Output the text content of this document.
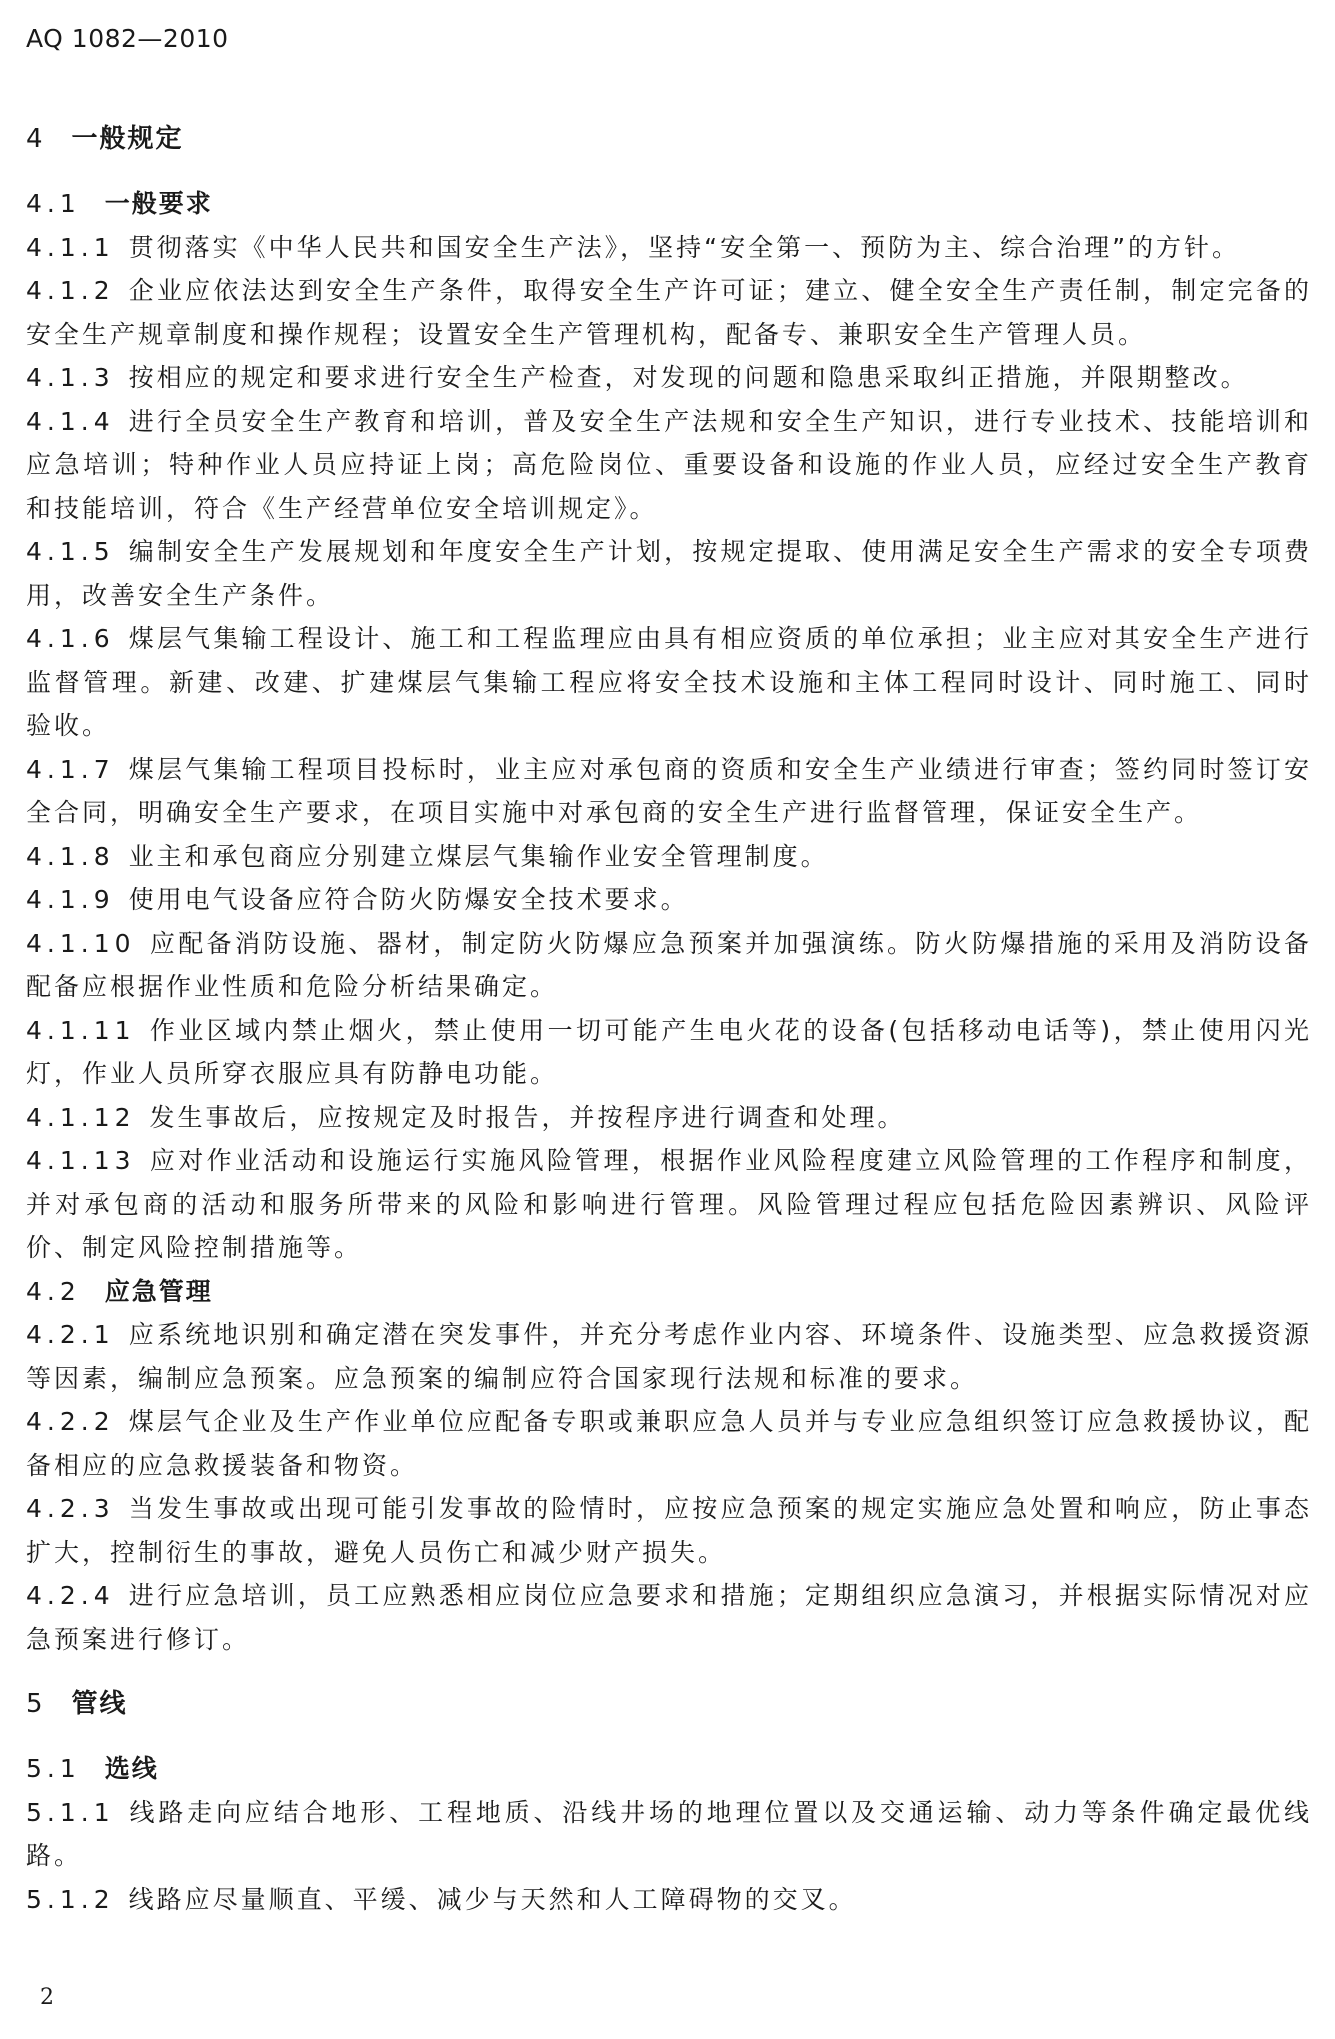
AQ 1082—2010
4 一般规定
4.1 一般要求

4.1.1 贯彻落实《中华人民共和国安全生产法》，坚持“安全第一、预防为主、综合治理”的方针。

4.1.2 企业应依法达到安全生产条件，取得安全生产许可证；建立、健全安全生产责任制，制定完备的安全生产规章制度和操作规程；设置安全生产管理机构，配备专、兼职安全生产管理人员。

4.1.3 按相应的规定和要求进行安全生产检查，对发现的问题和隐患采取纠正措施，并限期整改。

4.1.4 进行全员安全生产教育和培训，普及安全生产法规和安全生产知识，进行专业技术、技能培训和应急培训；特种作业人员应持证上岗；高危险岗位、重要设备和设施的作业人员，应经过安全生产教育和技能培训，符合《生产经营单位安全培训规定》。

4.1.5 编制安全生产发展规划和年度安全生产计划，按规定提取、使用满足安全生产需求的安全专项费用，改善安全生产条件。

4.1.6 煤层气集输工程设计、施工和工程监理应由具有相应资质的单位承担；业主应对其安全生产进行监督管理。新建、改建、扩建煤层气集输工程应将安全技术设施和主体工程同时设计、同时施工、同时验收。

4.1.7 煤层气集输工程项目投标时，业主应对承包商的资质和安全生产业绩进行审查；签约同时签订安全合同，明确安全生产要求，在项目实施中对承包商的安全生产进行监督管理，保证安全生产。

4.1.8 业主和承包商应分别建立煤层气集输作业安全管理制度。

4.1.9 使用电气设备应符合防火防爆安全技术要求。

4.1.10 应配备消防设施、器材，制定防火防爆应急预案并加强演练。防火防爆措施的采用及消防设备配备应根据作业性质和危险分析结果确定。

4.1.11 作业区域内禁止烟火，禁止使用一切可能产生电火花的设备(包括移动电话等)，禁止使用闪光灯，作业人员所穿衣服应具有防静电功能。

4.1.12 发生事故后，应按规定及时报告，并按程序进行调查和处理。

4.1.13 应对作业活动和设施运行实施风险管理，根据作业风险程度建立风险管理的工作程序和制度，并对承包商的活动和服务所带来的风险和影响进行管理。风险管理过程应包括危险因素辨识、风险评价、制定风险控制措施等。

4.2 应急管理

4.2.1 应系统地识别和确定潜在突发事件，并充分考虑作业内容、环境条件、设施类型、应急救援资源等因素，编制应急预案。应急预案的编制应符合国家现行法规和标准的要求。

4.2.2 煤层气企业及生产作业单位应配备专职或兼职应急人员并与专业应急组织签订应急救援协议，配备相应的应急救援装备和物资。

4.2.3 当发生事故或出现可能引发事故的险情时，应按应急预案的规定实施应急处置和响应，防止事态扩大，控制衍生的事故，避免人员伤亡和减少财产损失。

4.2.4 进行应急培训，员工应熟悉相应岗位应急要求和措施；定期组织应急演习，并根据实际情况对应急预案进行修订。

5 管线
5.1 选线

5.1.1 线路走向应结合地形、工程地质、沿线井场的地理位置以及交通运输、动力等条件确定最优线路。

5.1.2 线路应尽量顺直、平缓、减少与天然和人工障碍物的交叉。

2
